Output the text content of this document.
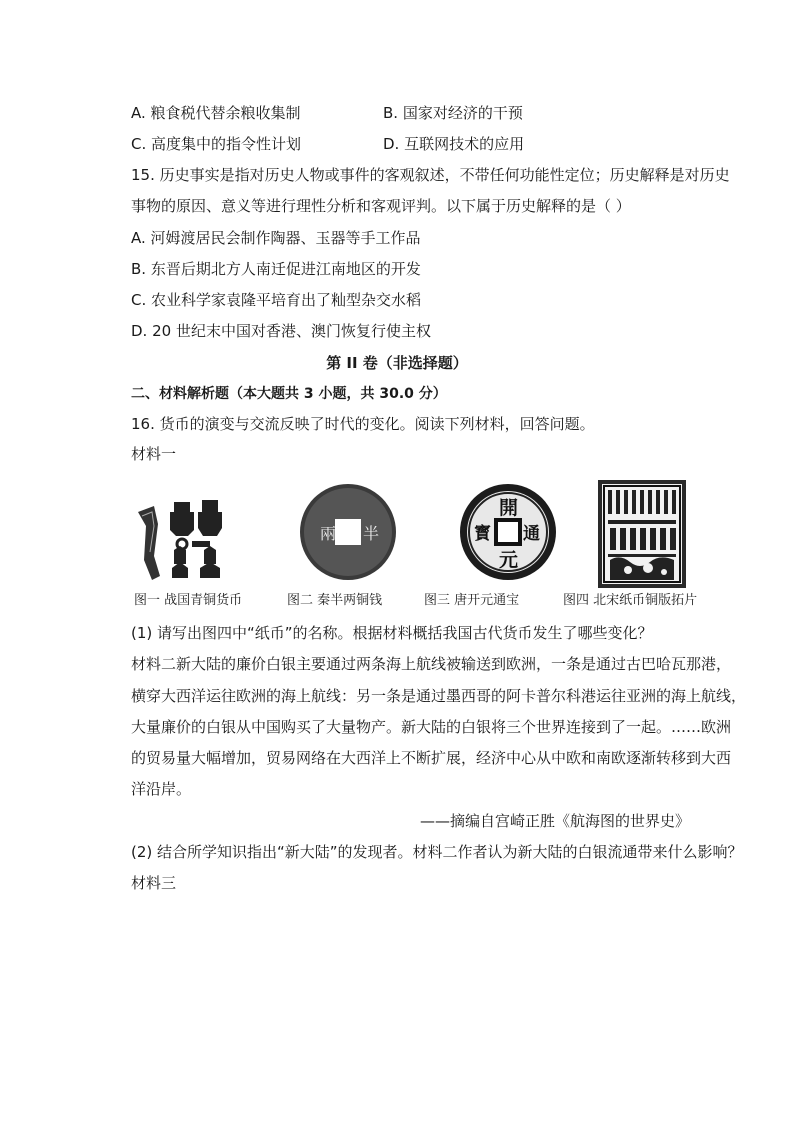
A. 粮食税代替余粮收集制	B. 国家对经济的干预
C. 高度集中的指令性计划	D. 互联网技术的应用
15. 历史事实是指对历史人物或事件的客观叙述，不带任何功能性定位；历史解释是对历史
事物的原因、意义等进行理性分析和客观评判。以下属于历史解释的是（ ）
A. 河姆渡居民会制作陶器、玉器等手工作品
B. 东晋后期北方人南迁促进江南地区的开发
C. 农业科学家袁隆平培育出了籼型杂交水稻
D. 20 世纪末中国对香港、澳门恢复行使主权
第 II 卷（非选择题）
二、材料解析题（本大题共 3 小题，共 30.0 分）
16. 货币的演变与交流反映了时代的变化。阅读下列材料，回答问题。
材料一
兩 半
開
通
寳
元
图一 战国青铜货币	图二 秦半两铜钱	图三 唐开元通宝	图四 北宋纸币铜版拓片
(1) 请写出图四中“纸币”的名称。根据材料概括我国古代货币发生了哪些变化？
材料二新大陆的廉价白银主要通过两条海上航线被输送到欧洲，一条是通过古巴哈瓦那港，
横穿大西洋运往欧洲的海上航线：另一条是通过墨西哥的阿卡普尔科港运往亚洲的海上航线，
大量廉价的白银从中国购买了大量物产。新大陆的白银将三个世界连接到了一起。……欧洲
的贸易量大幅增加，贸易网络在大西洋上不断扩展，经济中心从中欧和南欧逐渐转移到大西
洋沿岸。
——摘编自宫崎正胜《航海图的世界史》
(2) 结合所学知识指出“新大陆”的发现者。材料二作者认为新大陆的白银流通带来什么影响？
材料三
